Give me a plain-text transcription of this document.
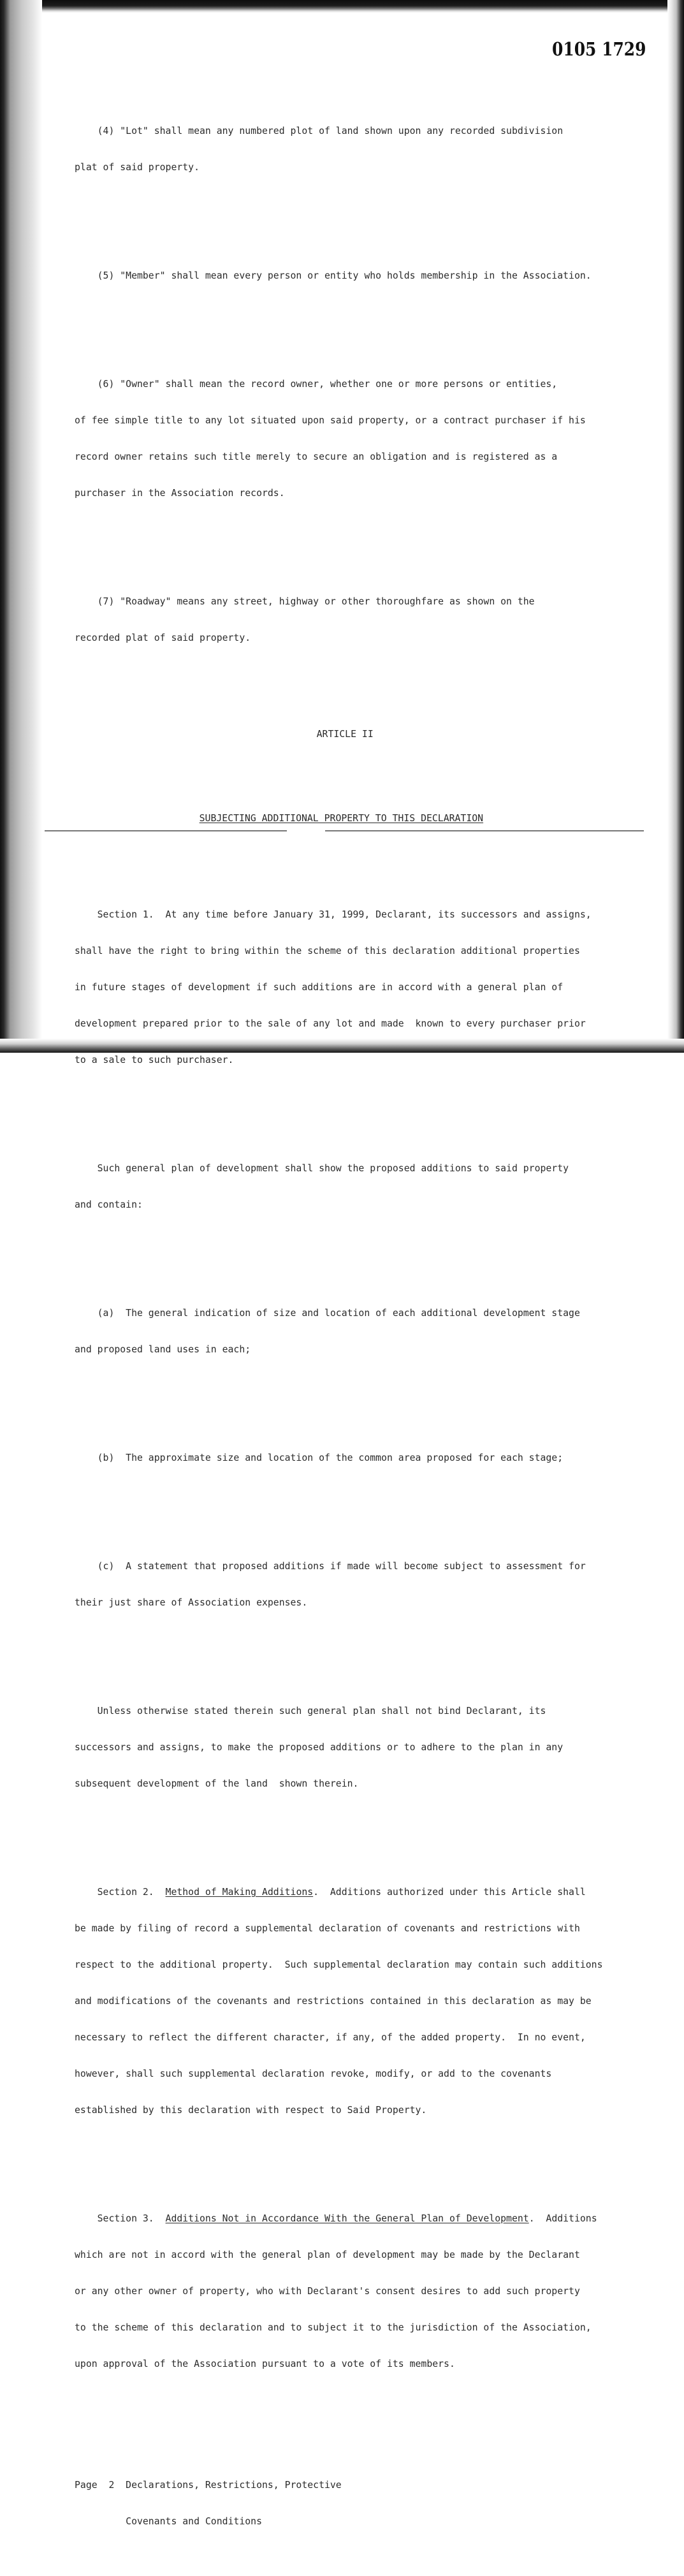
0105 1729

(4) "Lot" shall mean any numbered plot of land shown upon any recorded subdivision

plat of said property.

(5) "Member" shall mean every person or entity who holds membership in the Association.

(6) "Owner" shall mean the record owner, whether one or more persons or entities,

of fee simple title to any lot situated upon said property, or a contract purchaser if his

record owner retains such title merely to secure an obligation and is registered as a

purchaser in the Association records.

(7) "Roadway" means any street, highway or other thoroughfare as shown on the

recorded plat of said property.

ARTICLE II

SUBJECTING ADDITIONAL PROPERTY TO THIS DECLARATION

Section 1.  At any time before January 31, 1999, Declarant, its successors and assigns,

shall have the right to bring within the scheme of this declaration additional properties

in future stages of development if such additions are in accord with a general plan of

development prepared prior to the sale of any lot and made  known to every purchaser prior

to a sale to such purchaser.

Such general plan of development shall show the proposed additions to said property

and contain:

(a)  The general indication of size and location of each additional development stage

and proposed land uses in each;

(b)  The approximate size and location of the common area proposed for each stage;

(c)  A statement that proposed additions if made will become subject to assessment for

their just share of Association expenses.

Unless otherwise stated therein such general plan shall not bind Declarant, its

successors and assigns, to make the proposed additions or to adhere to the plan in any

subsequent development of the land  shown therein.

Section 2.  Method of Making Additions.  Additions authorized under this Article shall

be made by filing of record a supplemental declaration of covenants and restrictions with

respect to the additional property.  Such supplemental declaration may contain such additions

and modifications of the covenants and restrictions contained in this declaration as may be

necessary to reflect the different character, if any, of the added property.  In no event,

however, shall such supplemental declaration revoke, modify, or add to the covenants

established by this declaration with respect to Said Property.

Section 3.  Additions Not in Accordance With the General Plan of Development.  Additions

which are not in accord with the general plan of development may be made by the Declarant

or any other owner of property, who with Declarant's consent desires to add such property

to the scheme of this declaration and to subject it to the jurisdiction of the Association,

upon approval of the Association pursuant to a vote of its members.

Page  2  Declarations, Restrictions, Protective

Covenants and Conditions
